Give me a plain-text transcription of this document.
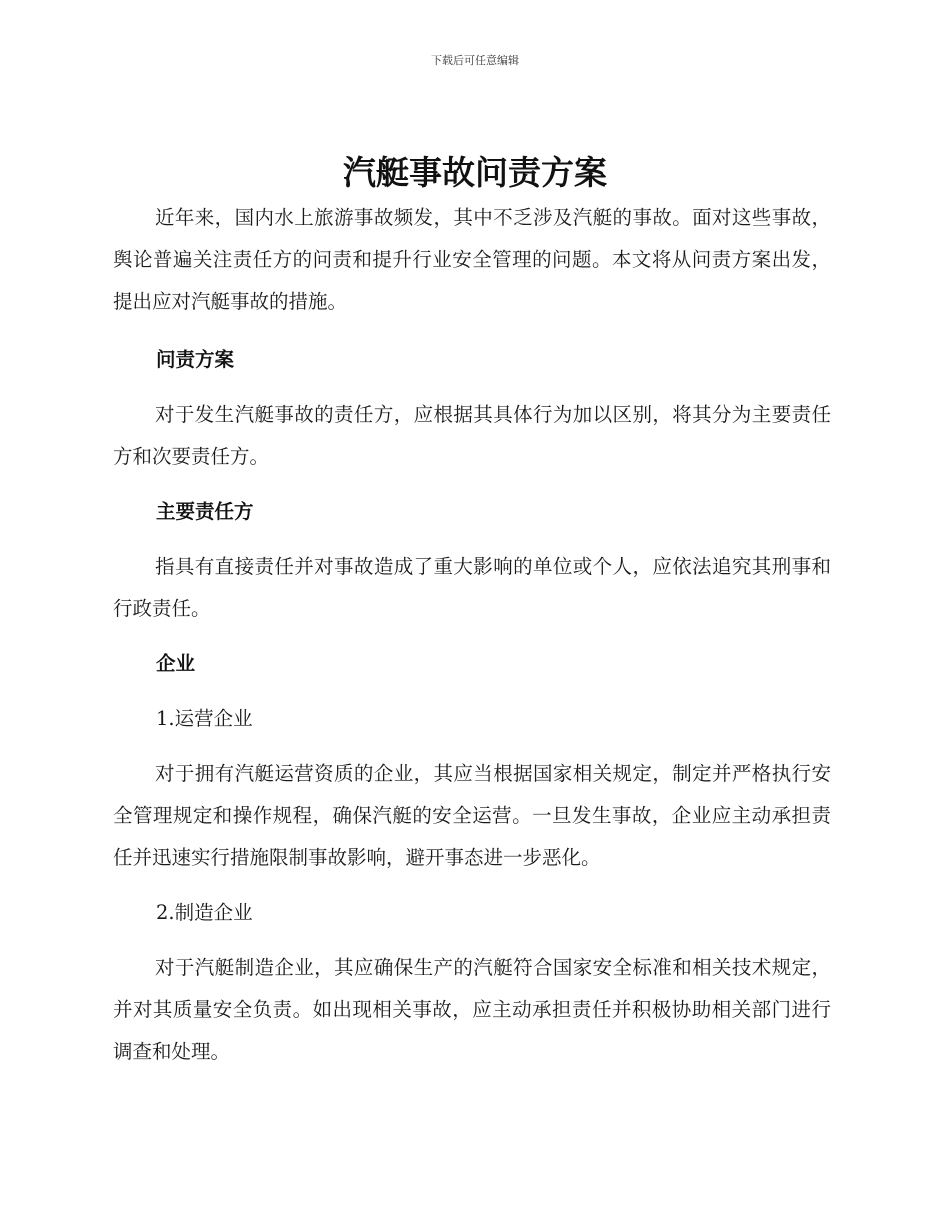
下载后可任意编辑
汽艇事故问责方案

近年来，国内水上旅游事故频发，其中不乏涉及汽艇的事故。面对这些事故，舆论普遍关注责任方的问责和提升行业安全管理的问题。本文将从问责方案出发，提出应对汽艇事故的措施。

问责方案

对于发生汽艇事故的责任方，应根据其具体行为加以区别，将其分为主要责任方和次要责任方。

主要责任方

指具有直接责任并对事故造成了重大影响的单位或个人，应依法追究其刑事和行政责任。

企业
1.运营企业

对于拥有汽艇运营资质的企业，其应当根据国家相关规定，制定并严格执行安全管理规定和操作规程，确保汽艇的安全运营。一旦发生事故，企业应主动承担责任并迅速实行措施限制事故影响，避开事态进一步恶化。

2.制造企业

对于汽艇制造企业，其应确保生产的汽艇符合国家安全标准和相关技术规定，并对其质量安全负责。如出现相关事故，应主动承担责任并积极协助相关部门进行调查和处理。
